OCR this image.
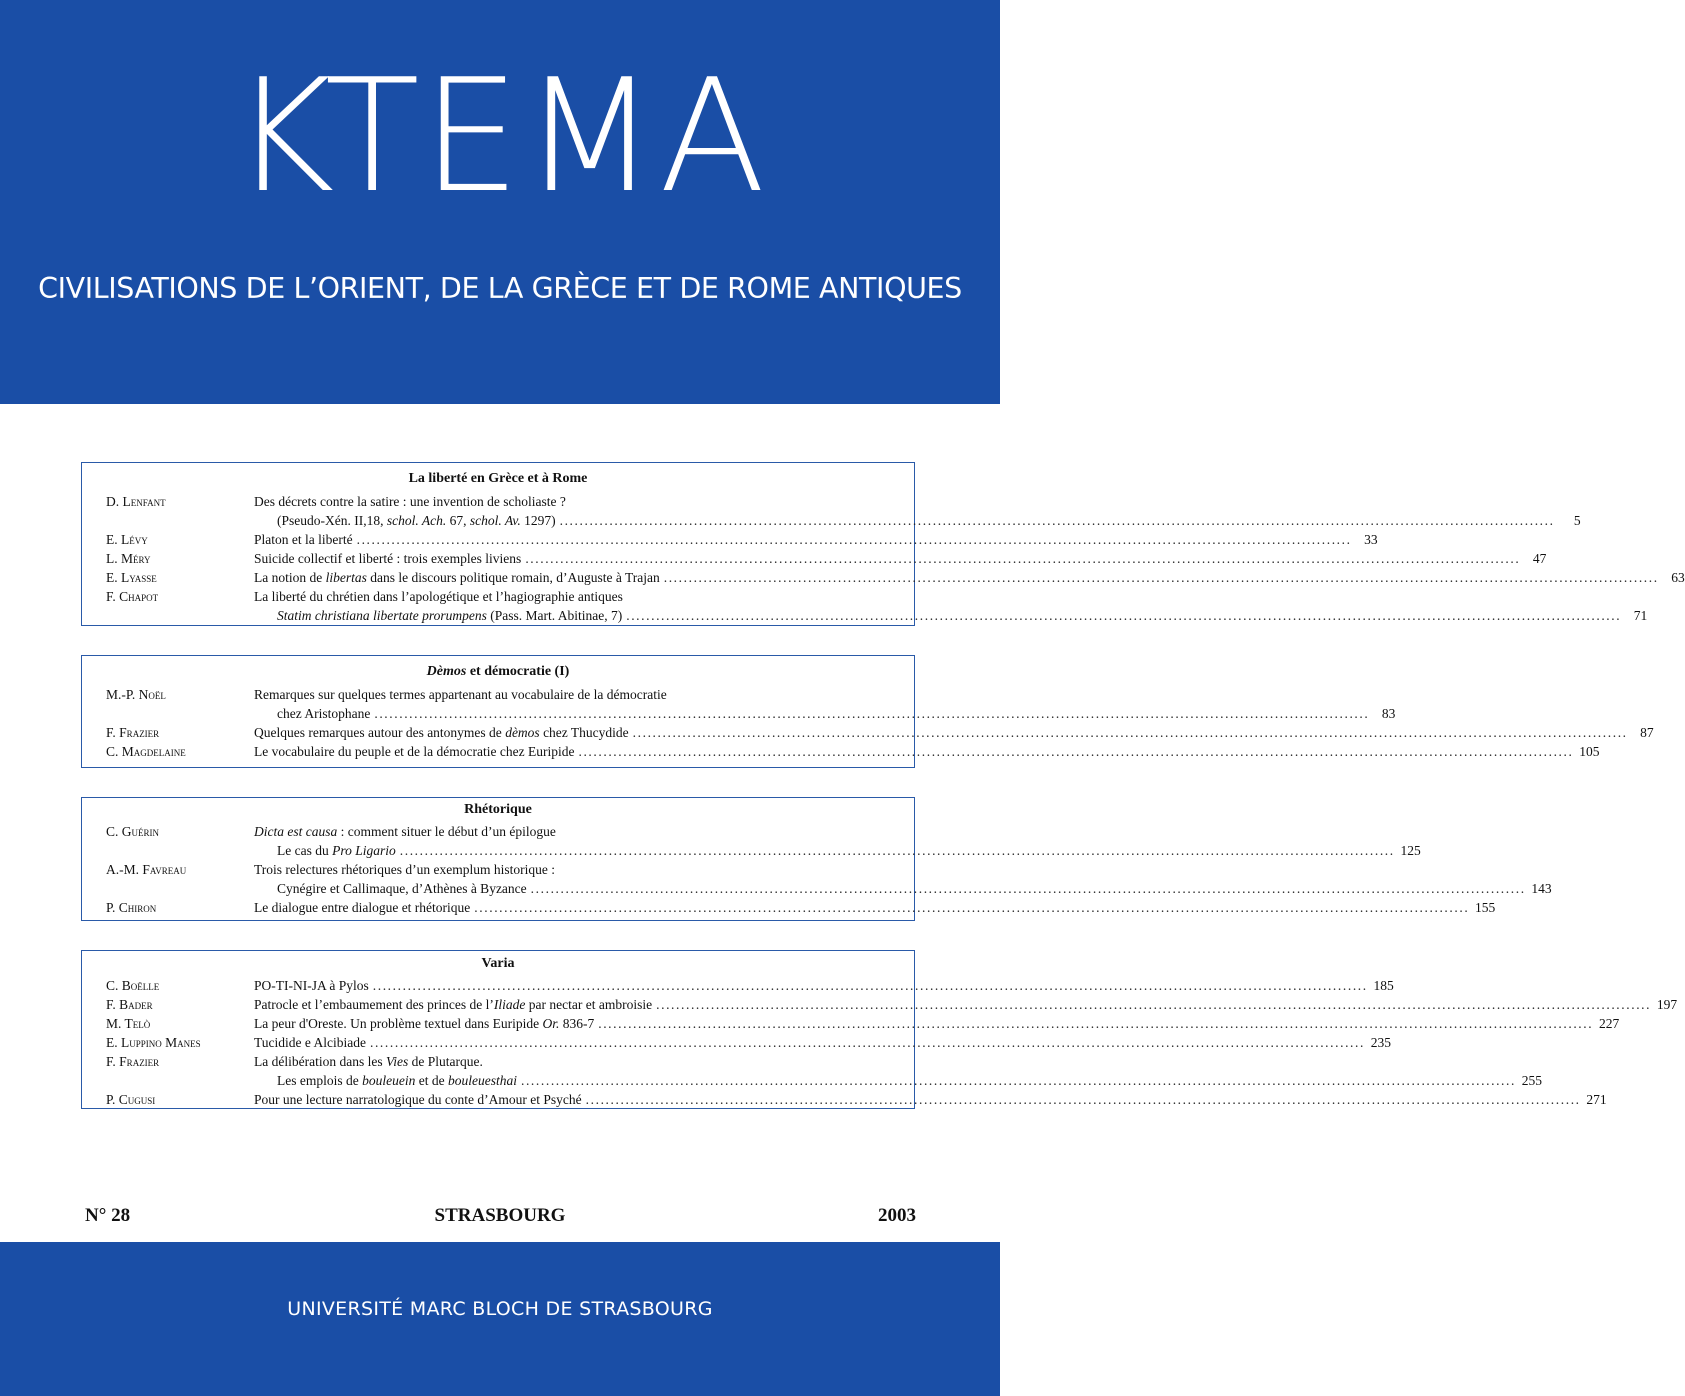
KTEMA
CIVILISATIONS DE L’ORIENT, DE LA GRÈCE ET DE ROME ANTIQUES
La liberté en Grèce et à Rome
D. Lenfant	Des décrets contre la satire : une invention de scholiaste ?
(Pseudo-Xén. II,18, schol. Ach. 67, schol. Av. 1297) ........................................................................................................................................................................................................	5
E. Lévy	Platon et la liberté ........................................................................................................................................................................................................ 33
L. Méry	Suicide collectif et liberté : trois exemples liviens ........................................................................................................................................................................................................ 47
E. Lyasse	La notion de libertas dans le discours politique romain, d’Auguste à Trajan ........................................................................................................................................................................................................ 63
F. Chapot	La liberté du chrétien dans l’apologétique et l’hagiographie antiques
Statim christiana libertate prorumpens (Pass. Mart. Abitinae, 7) ........................................................................................................................................................................................................ 71
Dèmos et démocratie (I)
M.-P. Noël	Remarques sur quelques termes appartenant au vocabulaire de la démocratie
chez Aristophane ........................................................................................................................................................................................................ 83
F. Frazier	Quelques remarques autour des antonymes de dèmos chez Thucydide ........................................................................................................................................................................................................ 87
C. Magdelaine	Le vocabulaire du peuple et de la démocratie chez Euripide ........................................................................................................................................................................................................ 105
Rhétorique
C. Guérin	Dicta est causa : comment situer le début d’un épilogue
Le cas du Pro Ligario ........................................................................................................................................................................................................ 125
A.-M. Favreau	Trois relectures rhétoriques d’un exemplum historique :
Cynégire et Callimaque, d’Athènes à Byzance ........................................................................................................................................................................................................ 143
P. Chiron	Le dialogue entre dialogue et rhétorique ........................................................................................................................................................................................................ 155
Varia
C. Boëlle	PO-TI-NI-JA à Pylos ........................................................................................................................................................................................................ 185
F. Bader	Patrocle et l’embaumement des princes de l’Iliade par nectar et ambroisie ........................................................................................................................................................................................................ 197
M. Telò	La peur d'Oreste. Un problème textuel dans Euripide Or. 836-7 ........................................................................................................................................................................................................ 227
E. Luppino Manes	Tucidide e Alcibiade ........................................................................................................................................................................................................ 235
F. Frazier	La délibération dans les Vies de Plutarque.
Les emplois de bouleuein et de bouleuesthai ........................................................................................................................................................................................................ 255
P. Cugusi	Pour une lecture narratologique du conte d’Amour et Psyché ........................................................................................................................................................................................................ 271
N° 28	STRASBOURG	2003
UNIVERSITÉ MARC BLOCH DE STRASBOURG
